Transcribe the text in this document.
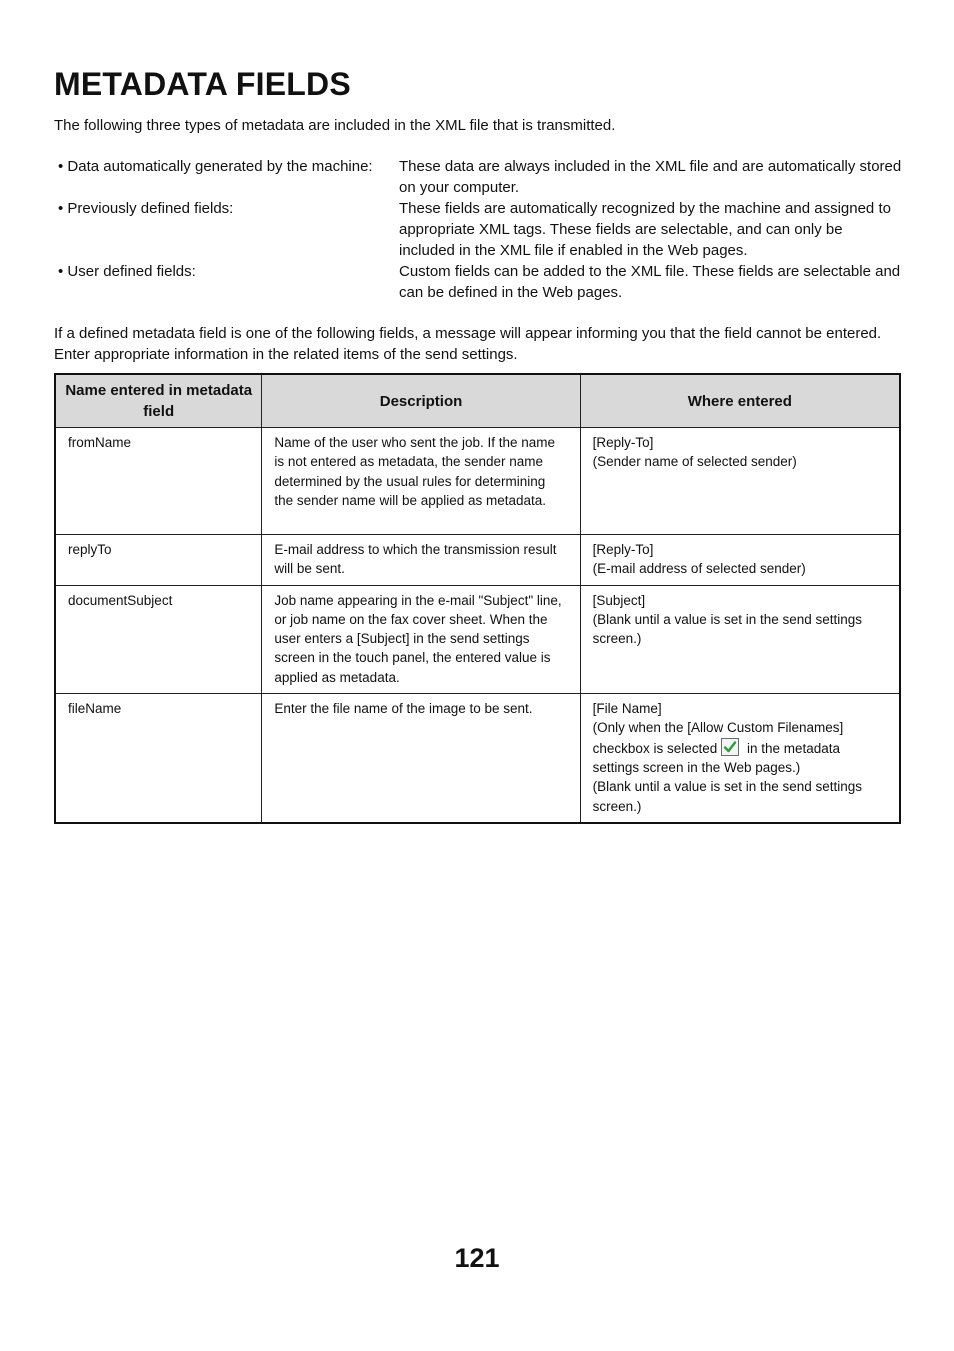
METADATA FIELDS

The following three types of metadata are included in the XML file that is transmitted.

• Data automatically generated by the machine:	These data are always included in the XML file and are automatically stored on your computer.
• Previously defined fields:	These fields are automatically recognized by the machine and assigned to appropriate XML tags. These fields are selectable, and can only be included in the XML file if enabled in the Web pages.
• User defined fields:	Custom fields can be added to the XML file. These fields are selectable and can be defined in the Web pages.

If a defined metadata field is one of the following fields, a message will appear informing you that the field cannot be entered. Enter appropriate information in the related items of the send settings.

Name entered in metadata field	Description	Where entered
fromName	Name of the user who sent the job. If the name is not entered as metadata, the sender name determined by the usual rules for determining the sender name will be applied as metadata.	[Reply-To]
(Sender name of selected sender)

replyTo	E-mail address to which the transmission result will be sent.	[Reply-To]
(E-mail address of selected sender)

documentSubject	Job name appearing in the e-mail "Subject" line, or job name on the fax cover sheet. When the user enters a [Subject] in the send settings screen in the touch panel, the entered value is applied as metadata.	[Subject]
(Blank until a value is set in the send settings screen.)

fileName	Enter the file name of the image to be sent.	[File Name]
(Only when the [Allow Custom Filenames] checkbox is selected in the metadata settings screen in the Web pages.)
(Blank until a value is set in the send settings screen.)
121
